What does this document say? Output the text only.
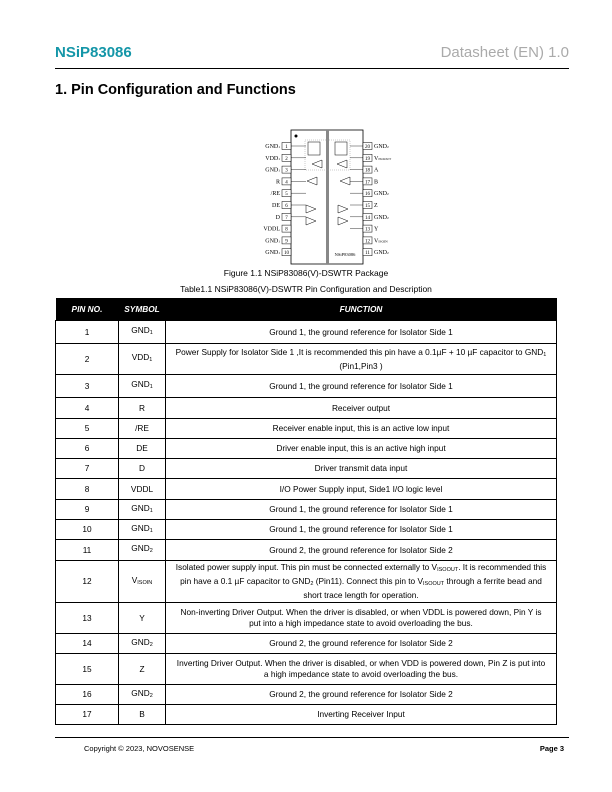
NSiP83086	Datasheet (EN) 1.0
1. Pin Configuration and Functions
1
GND1
2
VDD1
3
GND1
4
R
5
/RE
6
DE
7
D
8
VDDL
9
GND1
10
GND1
20 GND2
19 VISOOUT
18 A
17 B
16 GND2
15 Z
14 GND2
13 Y
12 VISOIN
11 GND2
NSiP83086
Figure 1.1 NSiP83086(V)-DSWTR Package
Table1.1 NSiP83086(V)-DSWTR Pin Configuration and Description
PIN NO.	SYMBOL	FUNCTION
1	$GND_1$	Ground 1, the ground reference for Isolator Side 1
2	$VDD_1$	Power Supply for Isolator Side 1 ,It is recommended this pin have a 0.1µF + 10 µF capacitor to $GND_1$ (Pin1,Pin3 )
3	$GND_1$	Ground 1, the ground reference for Isolator Side 1
4	R	Receiver output
5	/RE	Receiver enable input, this is an active low input
6	DE	Driver enable input, this is an active high input
7	D	Driver transmit data input
8	VDDL	I/O Power Supply input, Side1 I/O logic level
9	$GND_1$	Ground 1, the ground reference for Isolator Side 1
10	$GND_1$	Ground 1, the ground reference for Isolator Side 1
11	$GND_2$	Ground 2, the ground reference for Isolator Side 2
12	$V_{ISOIN}$	Isolated power supply input. This pin must be connected externally to $V_{ISOOUT}$. It is recommended this pin have a 0.1 µF capacitor to $GND_2$ (Pin11). Connect this pin to $V_{ISOOUT}$ through a ferrite bead and short trace length for operation.
13	Y	Non-inverting Driver Output. When the driver is disabled, or when VDDL is powered down, Pin Y is put into a high impedance state to avoid overloading the bus.
14	$GND_2$	Ground 2, the ground reference for Isolator Side 2
15	Z	Inverting Driver Output. When the driver is disabled, or when VDD is powered down, Pin Z is put into a high impedance state to avoid overloading the bus.
16	$GND_2$	Ground 2, the ground reference for Isolator Side 2
17	B	Inverting Receiver Input
Copyright © 2023, NOVOSENSE	Page 3
